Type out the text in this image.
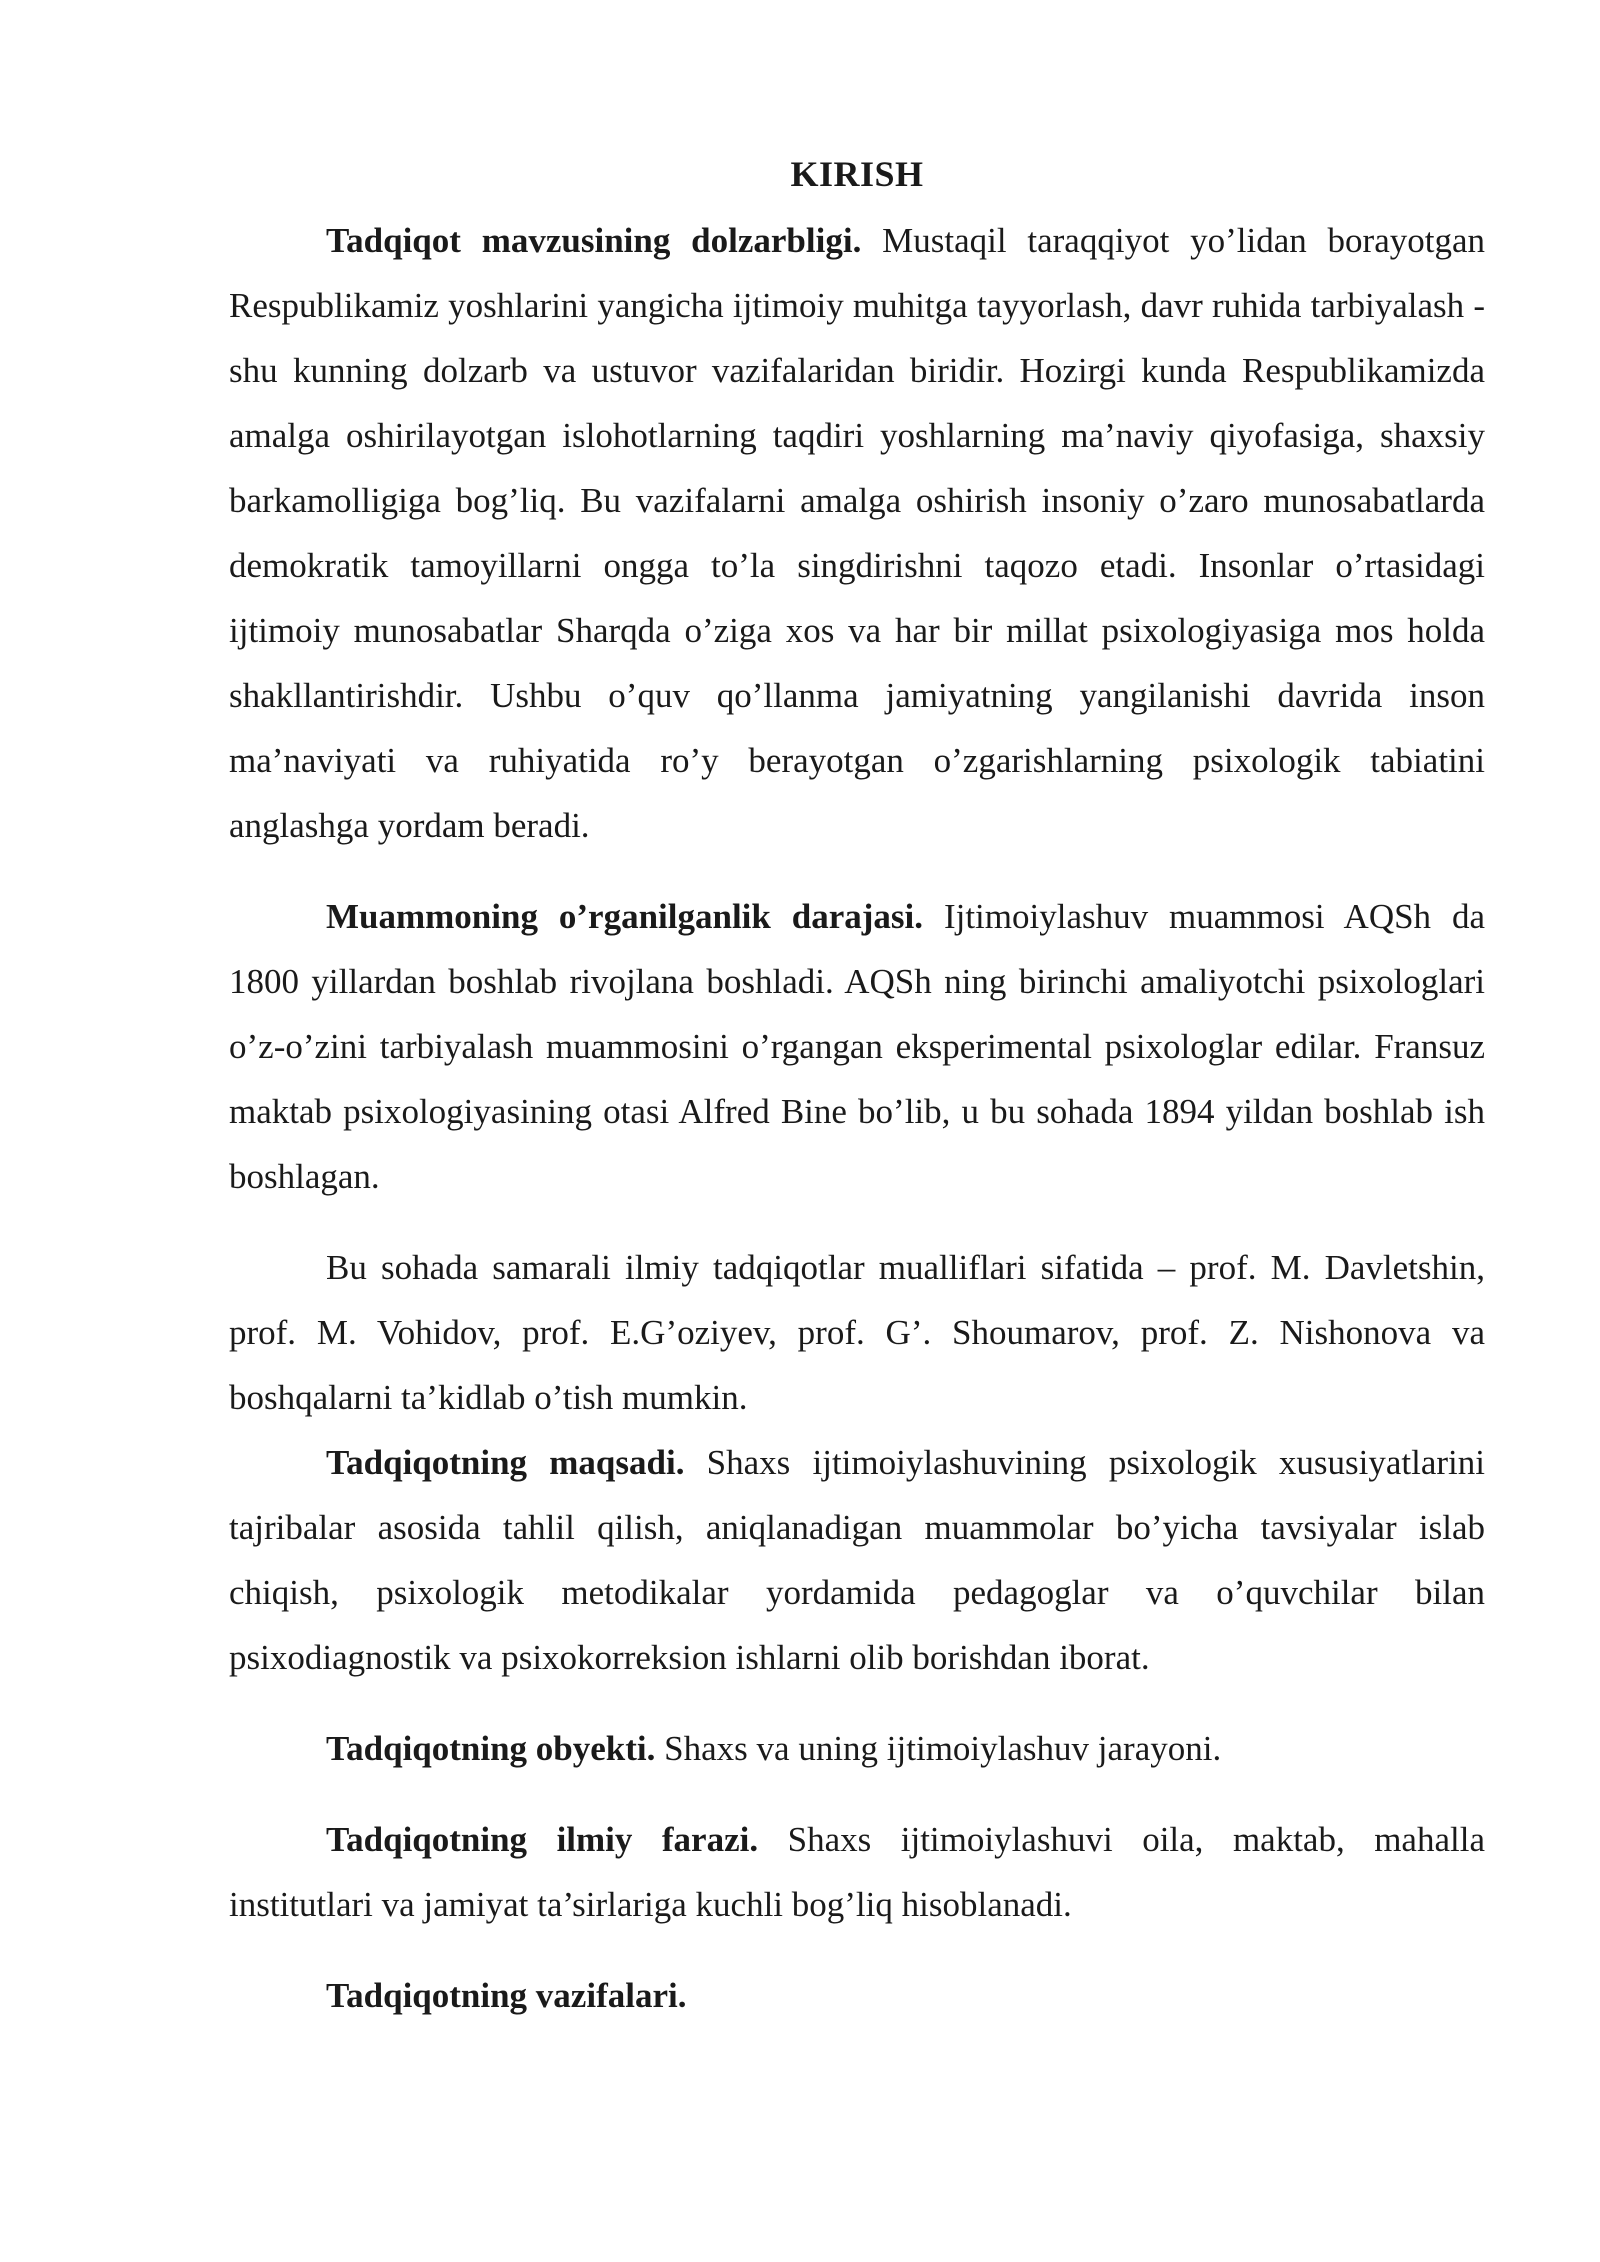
KIRISH

Tadqiqot mavzusining dolzarbligi. Mustaqil taraqqiyot yo’lidan borayotgan Respublikamiz yoshlarini yangicha ijtimoiy muhitga tayyorlash, davr ruhida tarbiyalash - shu kunning dolzarb va ustuvor vazifalaridan biridir. Hozirgi kunda Respublikamizda amalga oshirilayotgan islohotlarning taqdiri yoshlarning ma’naviy qiyofasiga, shaxsiy barkamolligiga bog’liq. Bu vazifalarni amalga oshirish insoniy o’zaro munosabatlarda demokratik tamoyillarni ongga to’la singdirishni taqozo etadi. Insonlar o’rtasidagi ijtimoiy munosabatlar Sharqda o’ziga xos va har bir millat psixologiyasiga mos holda shakllantirishdir. Ushbu o’quv qo’llanma jamiyatning yangilanishi davrida inson ma’naviyati va ruhiyatida ro’y berayotgan o’zgarishlarning psixologik tabiatini anglashga yordam beradi.

Muammoning o’rganilganlik darajasi. Ijtimoiylashuv muammosi AQSh da 1800 yillardan boshlab rivojlana boshladi. AQSh ning birinchi amaliyotchi psixologlari o’z-o’zini tarbiyalash muammosini o’rgangan eksperimental psixologlar edilar. Fransuz maktab psixologiyasining otasi Alfred Bine bo’lib, u bu sohada 1894 yildan boshlab ish boshlagan.

Bu sohada samarali ilmiy tadqiqotlar mualliflari sifatida – prof. M. Davletshin, prof. M. Vohidov, prof. E.G’oziyev, prof. G’. Shoumarov, prof. Z. Nishonova va boshqalarni ta’kidlab o’tish mumkin.

Tadqiqotning maqsadi. Shaxs ijtimoiylashuvining psixologik xususiyatlarini tajribalar asosida tahlil qilish, aniqlanadigan muammolar bo’yicha tavsiyalar islab chiqish, psixologik metodikalar yordamida pedagoglar va o’quvchilar bilan psixodiagnostik va psixokorreksion ishlarni olib borishdan iborat.

Tadqiqotning obyekti. Shaxs va uning ijtimoiylashuv jarayoni.

Tadqiqotning ilmiy farazi. Shaxs ijtimoiylashuvi oila, maktab, mahalla institutlari va jamiyat ta’sirlariga kuchli bog’liq hisoblanadi.

Tadqiqotning vazifalari.
